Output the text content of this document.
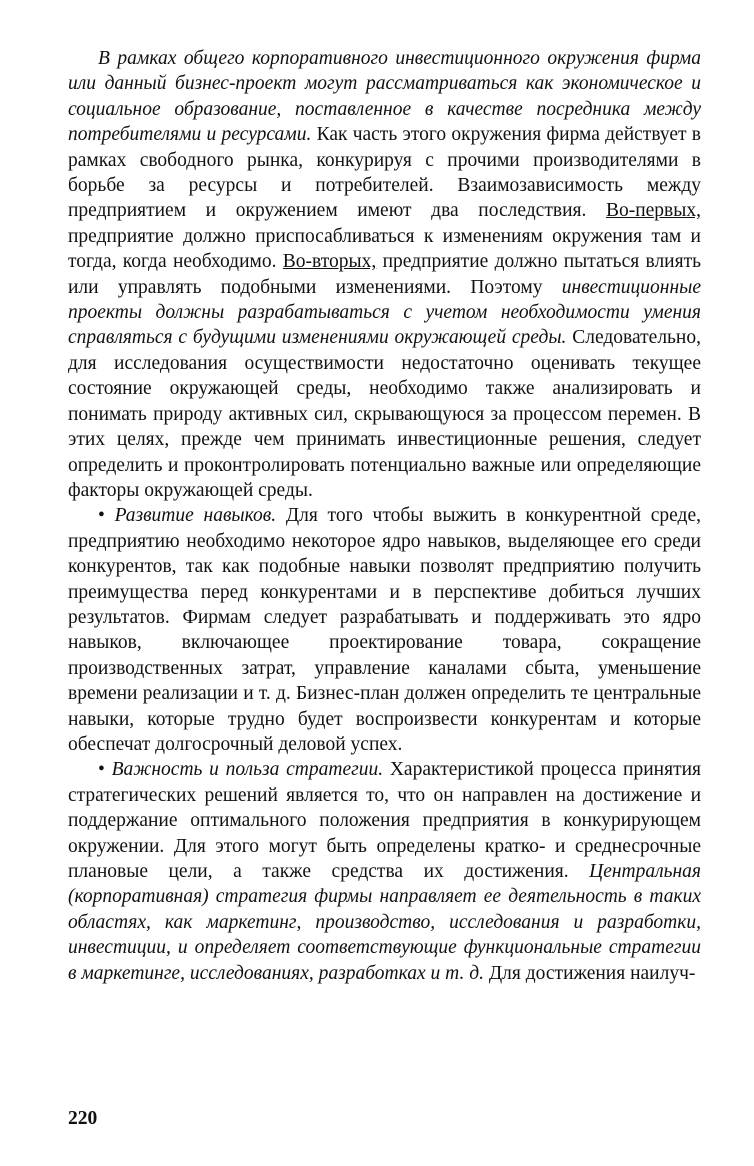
В рамках общего корпоративного инвестиционного окружения фирма или данный бизнес-проект могут рассматриваться как экономическое и социальное образование, поставленное в качестве посредника между потребителями и ресурсами. Как часть этого окружения фирма действует в рамках свободного рынка, конкурируя с прочими производителями в борьбе за ресурсы и потребителей. Взаимозависимость между предприятием и окружением имеют два последствия. Во-первых, предприятие должно приспосабливаться к изменениям окружения там и тогда, когда необходимо. Во-вторых, предприятие должно пытаться влиять или управлять подобными изменениями. Поэтому инвестиционные проекты должны разрабатываться с учетом необходимости умения справляться с будущими изменениями окружающей среды. Следовательно, для исследования осуществимости недостаточно оценивать текущее состояние окружающей среды, необходимо также анализировать и понимать природу активных сил, скрывающуюся за процессом перемен. В этих целях, прежде чем принимать инвестиционные решения, следует определить и проконтролировать потенциально важные или определяющие факторы окружающей среды.

• Развитие навыков. Для того чтобы выжить в конкурентной среде, предприятию необходимо некоторое ядро навыков, выделяющее его среди конкурентов, так как подобные навыки позволят предприятию получить преимущества перед конкурентами и в перспективе добиться лучших результатов. Фирмам следует разрабатывать и поддерживать это ядро навыков, включающее проектирование товара, сокращение производственных затрат, управление каналами сбыта, уменьшение времени реализации и т. д. Бизнес-план должен определить те центральные навыки, которые трудно будет воспроизвести конкурентам и которые обеспечат долгосрочный деловой успех.

• Важность и польза стратегии. Характеристикой процесса принятия стратегических решений является то, что он направлен на достижение и поддержание оптимального положения предприятия в конкурирующем окружении. Для этого могут быть определены кратко- и среднесрочные плановые цели, а также средства их достижения. Центральная (корпоративная) стратегия фирмы направляет ее деятельность в таких областях, как маркетинг, производство, исследования и разработки, инвестиции, и определяет соответствующие функциональные стратегии в маркетинге, исследованиях, разработках и т. д. Для достижения наилуч-

220
